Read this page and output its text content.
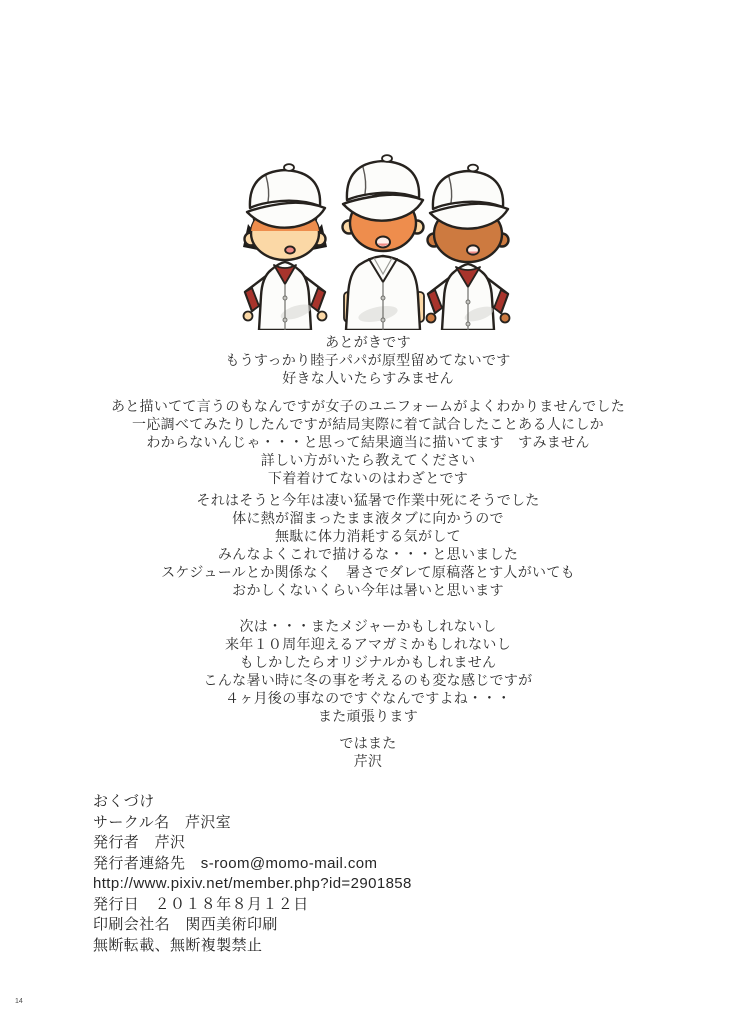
あとがきです
もうすっかり睦子パパが原型留めてないです
好きな人いたらすみません
あと描いてて言うのもなんですが女子のユニフォームがよくわかりませんでした
一応調べてみたりしたんですが結局実際に着て試合したことある人にしか
わからないんじゃ・・・と思って結果適当に描いてます　すみません
詳しい方がいたら教えてください
下着着けてないのはわざとです
それはそうと今年は凄い猛暑で作業中死にそうでした
体に熱が溜まったまま液タブに向かうので
無駄に体力消耗する気がして
みんなよくこれで描けるな・・・と思いました
スケジュールとか関係なく　暑さでダレて原稿落とす人がいても
おかしくないくらい今年は暑いと思います
次は・・・またメジャーかもしれないし
来年１０周年迎えるアマガミかもしれないし
もしかしたらオリジナルかもしれません
こんな暑い時に冬の事を考えるのも変な感じですが
４ヶ月後の事なのですぐなんですよね・・・
また頑張ります
ではまた
芹沢
おくづけ
サークル名　芹沢室
発行者　芹沢
発行者連絡先　s-room@momo-mail.com
http://www.pixiv.net/member.php?id=2901858
発行日　２０１８年８月１２日
印刷会社名　関西美術印刷
無断転載、無断複製禁止
14
